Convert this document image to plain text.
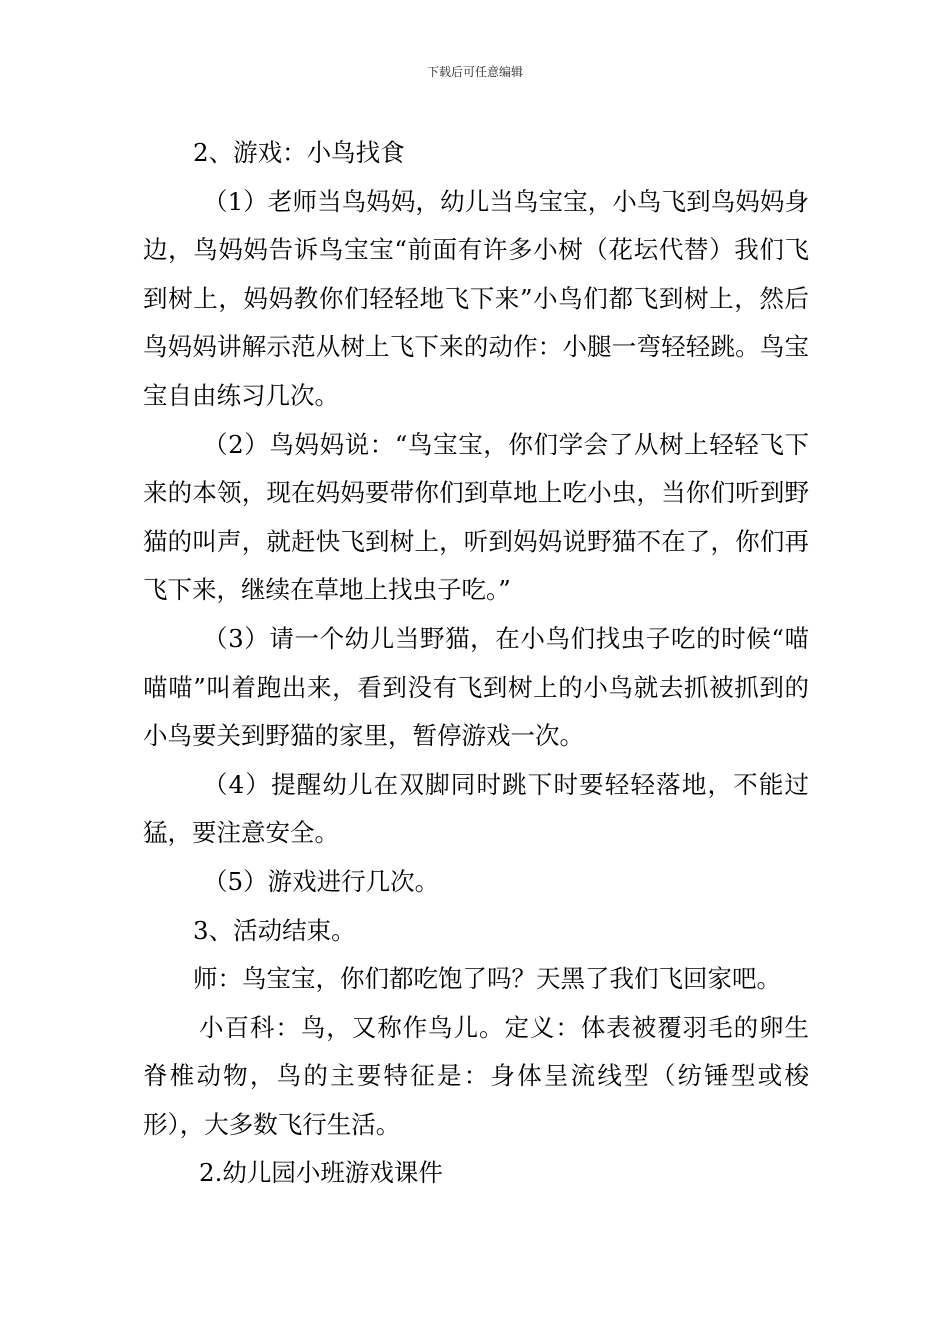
下载后可任意编辑

2、游戏：小鸟找食

（1）老师当鸟妈妈，幼儿当鸟宝宝，小鸟飞到鸟妈妈身边，鸟妈妈告诉鸟宝宝“前面有许多小树（花坛代替）我们飞到树上，妈妈教你们轻轻地飞下来”小鸟们都飞到树上，然后鸟妈妈讲解示范从树上飞下来的动作：小腿一弯轻轻跳。鸟宝宝自由练习几次。

（2）鸟妈妈说：“鸟宝宝，你们学会了从树上轻轻飞下来的本领，现在妈妈要带你们到草地上吃小虫，当你们听到野猫的叫声，就赶快飞到树上，听到妈妈说野猫不在了，你们再飞下来，继续在草地上找虫子吃。”

（3）请一个幼儿当野猫，在小鸟们找虫子吃的时候“喵喵喵”叫着跑出来，看到没有飞到树上的小鸟就去抓被抓到的小鸟要关到野猫的家里，暂停游戏一次。

（4）提醒幼儿在双脚同时跳下时要轻轻落地，不能过猛，要注意安全。

（5）游戏进行几次。

3、活动结束。

师：鸟宝宝，你们都吃饱了吗？天黑了我们飞回家吧。

小百科：鸟，又称作鸟儿。定义：体表被覆羽毛的卵生脊椎动物，鸟的主要特征是：身体呈流线型（纺锤型或梭形），大多数飞行生活。

2.幼儿园小班游戏课件
